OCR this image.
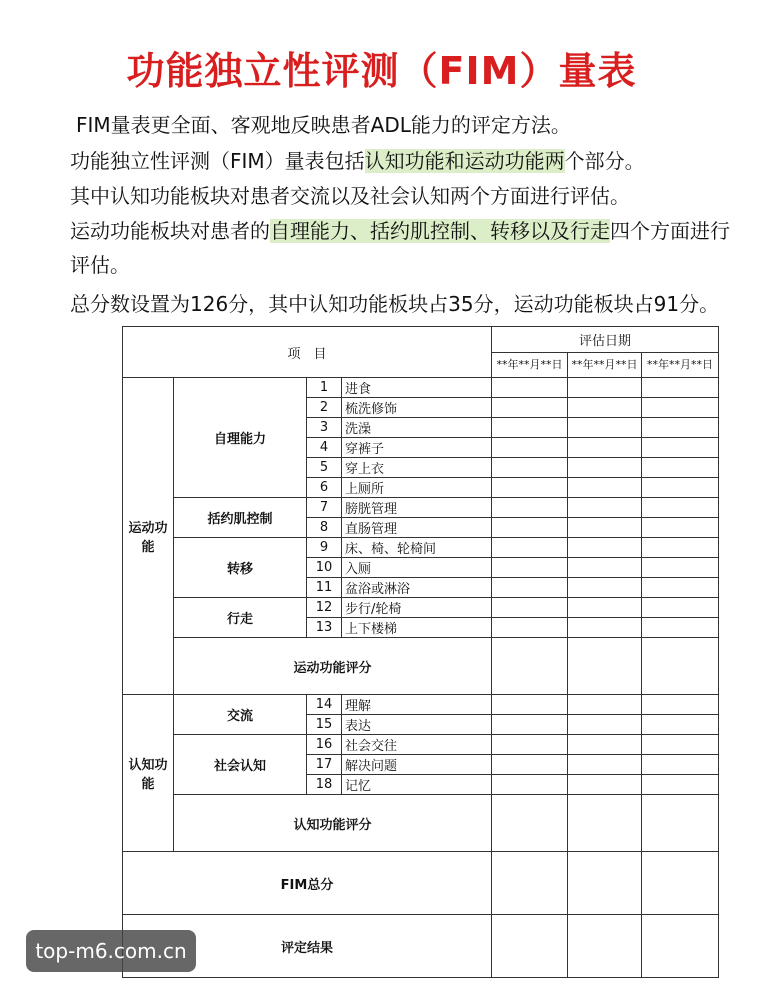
功能独立性评测（FIM）量表
FIM量表更全面、客观地反映患者ADL能力的评定方法。
功能独立性评测（FIM）量表包括认知功能和运动功能两个部分。
其中认知功能板块对患者交流以及社会认知两个方面进行评估。
运动功能板块对患者的自理能力、括约肌控制、转移以及行走四个方面进行评估。
总分数设置为126分，其中认知功能板块占35分，运动功能板块占91分。
项　目				评估日期		
				**年**月**日	**年**月**日	**年**月**日
运动功能	自理能力	1	进食			
		2	梳洗修饰			
		3	洗澡			
		4	穿裤子			
		5	穿上衣			
		6	上厕所			
	括约肌控制	7	膀胱管理			
		8	直肠管理			
	转移	9	床、椅、轮椅间			
		10	入厕			
		11	盆浴或淋浴			
	行走	12	步行/轮椅			
		13	上下楼梯			
	运动功能评分					
认知功能	交流	14	理解			
		15	表达			
	社会认知	16	社会交往			
		17	解决问题			
		18	记忆			
	认知功能评分					
FIM总分						
评定结果						
top-m6.com.cn
